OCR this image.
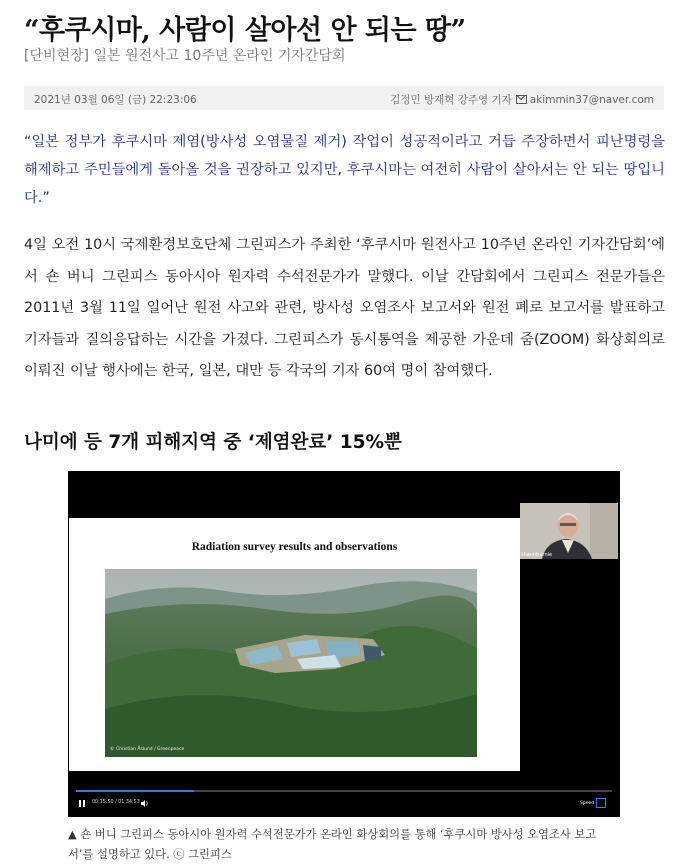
“후쿠시마, 사람이 살아선 안 되는 땅”
[단비현장] 일본 원전사고 10주년 온라인 기자간담회
2021년 03월 06일 (금) 22:23:06	김정민 방재혁 강주영 기자 akimmin37@naver.com
“일본 정부가 후쿠시마 제염(방사성 오염물질 제거) 작업이 성공적이라고 거듭 주장하면서 피난명령을 해제하고 주민들에게 돌아올 것을 권장하고 있지만, 후쿠시마는 여전히 사람이 살아서는 안 되는 땅입니다.”
4일 오전 10시 국제환경보호단체 그린피스가 주최한 ‘후쿠시마 원전사고 10주년 온라인 기자간담회’에서 숀 버니 그린피스 동아시아 원자력 수석전문가가 말했다. 이날 간담회에서 그린피스 전문가들은 2011년 3월 11일 일어난 원전 사고와 관련, 방사성 오염조사 보고서와 원전 폐로 보고서를 발표하고 기자들과 질의응답하는 시간을 가졌다. 그린피스가 동시통역을 제공한 가운데 줌(ZOOM) 화상회의로 이뤄진 이날 행사에는 한국, 일본, 대만 등 각국의 기자 60여 명이 참여했다.
나미에 등 7개 피해지역 중 ‘제염완료’ 15%뿐
Radiation survey results and observations
© Christian Åslund / Greenpeace
shaunburnie
00:15:50 / 01:34:53	Speed
▲ 숀 버니 그린피스 동아시아 원자력 수석전문가가 온라인 화상회의를 통해 ‘후쿠시마 방사성 오염조사 보고서’를 설명하고 있다. ⓒ 그린피스
